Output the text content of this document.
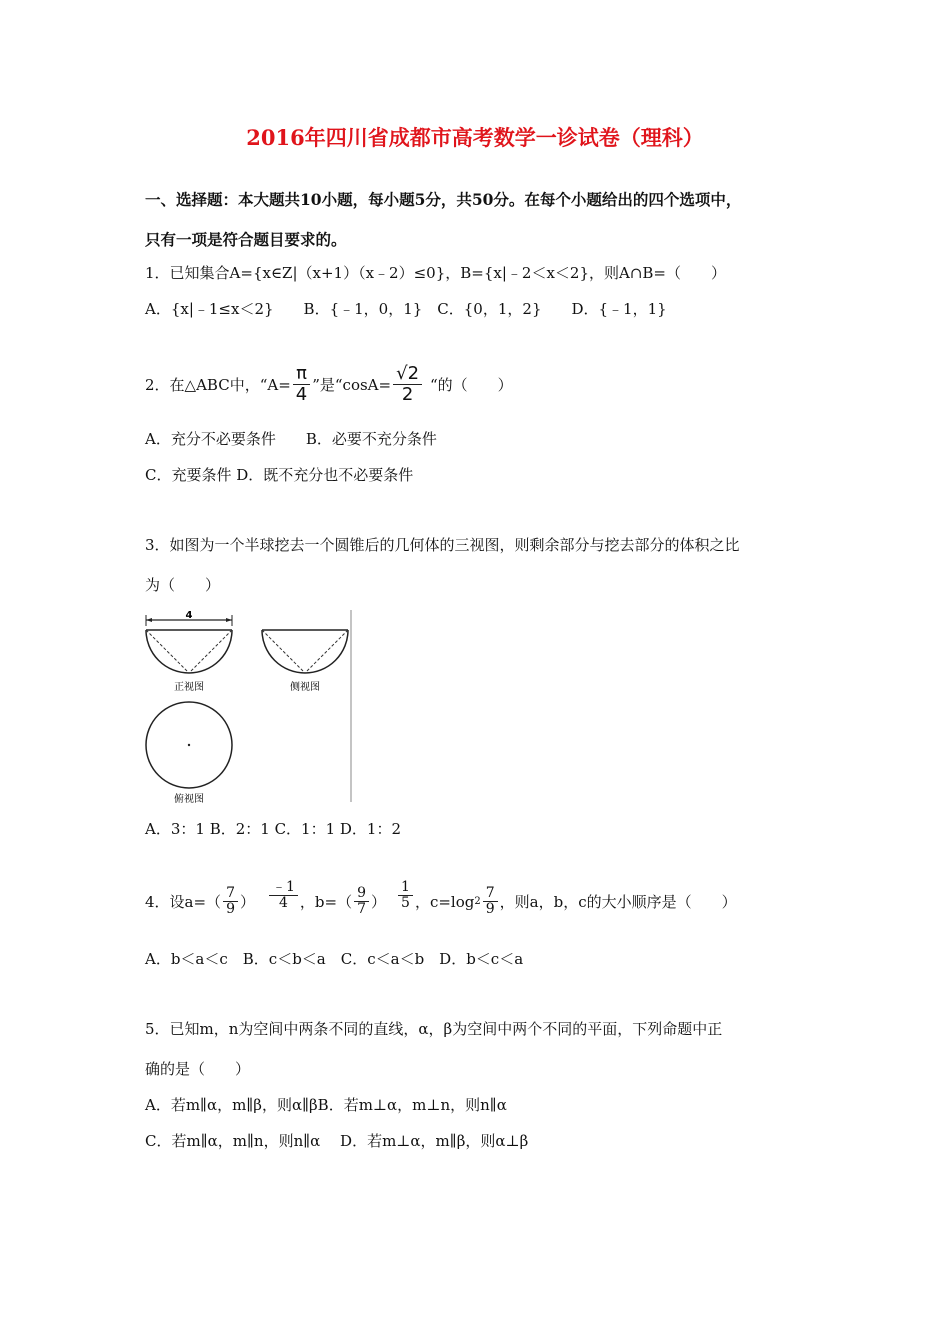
2016年四川省成都市高考数学一诊试卷（理科）
一、选择题：本大题共10小题，每小题5分，共50分。在每个小题给出的四个选项中，
只有一项是符合题目要求的。
1．已知集合A={x∈Z|（x+1）（x﹣2）≤0}，B={x|﹣2＜x＜2}，则A∩B=（　　）
A．{x|﹣1≤x＜2}　　B．{﹣1，0，1}　C．{0，1，2}　　D．{﹣1，1}
2．在△ABC中，“$A= \frac{\pi}{4}$ ”是“$\cos A= \frac{√2}{2}$ “的（　　）
A．充分不必要条件　　B．必要不充分条件
C．充要条件 D．既不充分也不必要条件
3．如图为一个半球挖去一个圆锥后的几何体的三视图，则剩余部分与挖去部分的体积之比
为（　　）
4
正视图	侧视图
俯视图
A．3：1 B．2：1 C．1：1 D．1：2
4．设$a=( \frac{7}{9}$ ） $\frac{﹣1}{4}$ ，$b=( \frac{9}{7}$ ） $\frac{1}{5}$ ，c=log $2 \frac{7}{9}$ ，则a，b，c的大小顺序是（　　）
A．b＜a＜c　B．c＜b＜a　C．c＜a＜b　D．b＜c＜a
5．已知m，n为空间中两条不同的直线，α，β为空间中两个不同的平面，下列命题中正
确的是（　　）
A．若m∥α，m∥β，则α∥βB．若m⊥α，m⊥n，则n∥α
C．若m∥α，m∥n，则n∥α　 D．若m⊥α，m∥β，则α⊥β
